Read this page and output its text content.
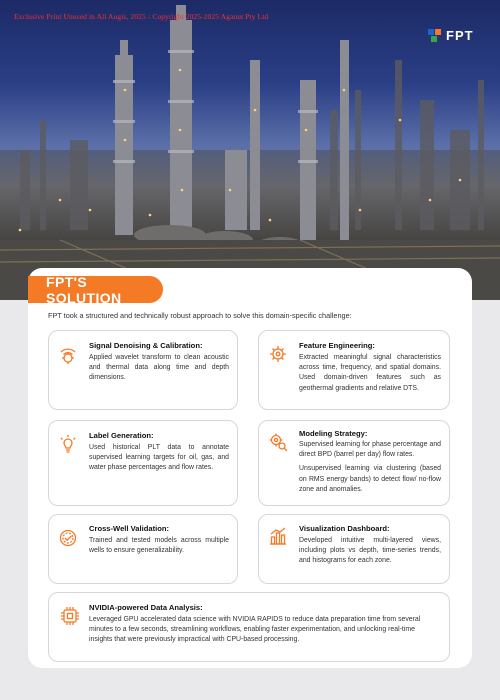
Exclusive Print Unused in All Augis, 2025 - Copyright 2025-2025 Aganut Pty Ltd
FPT
FPT'S SOLUTION
FPT took a structured and technically robust approach to solve this domain-specific challenge:
Signal Denoising & Calibration:
Applied wavelet transform to clean acoustic and thermal data along time and depth dimensions.
Feature Engineering:
Extracted meaningful signal characteristics across time, frequency, and spatial domains. Used domain-driven features such as geothermal gradients and relative DTS.
Label Generation:
Used historical PLT data to annotate supervised learning targets for oil, gas, and water phase percentages and flow rates.
Modeling Strategy:

Supervised learning for phase percentage and direct BPD (barrel per day) flow rates.

Unsupervised learning via clustering (based on RMS energy bands) to detect flow/ no-flow zone and anomalies.

Cross-Well Validation:
Trained and tested models across multiple wells to ensure generalizability.
Visualization Dashboard:
Developed intuitive multi-layered views, including plots vs depth, time-series trends, and histograms for each zone.
NVIDIA-powered Data Analysis:
Leveraged GPU accelerated data science with NVIDIA RAPIDS to reduce data preparation time from several minutes to a few seconds, streamlining workflows, enabling faster experimentation, and unlocking real-time insights that were previously impractical with CPU-based processing.
